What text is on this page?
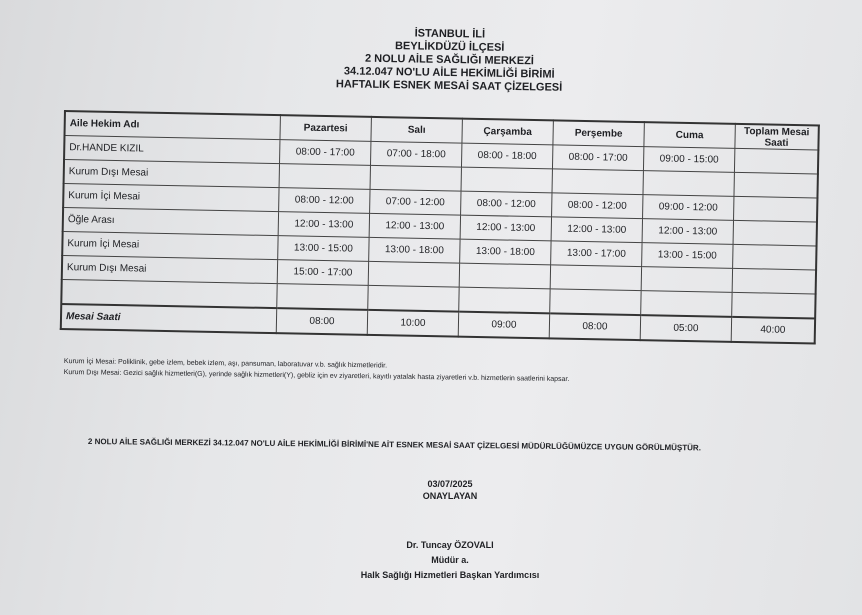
İSTANBUL İLİ
BEYLİKDÜZÜ İLÇESİ
2 NOLU AİLE SAĞLIĞI MERKEZİ
34.12.047 NO'LU AİLE HEKİMLİĞİ BİRİMİ
HAFTALIK ESNEK MESAİ SAAT ÇİZELGESİ
Aile Hekim Adı	Pazartesi	Salı	Çarşamba	Perşembe	Cuma	Toplam Mesai Saati
Dr.HANDE KIZIL	08:00 - 17:00	07:00 - 18:00	08:00 - 18:00	08:00 - 17:00	09:00 - 15:00	
Kurum Dışı Mesai						
Kurum İçi Mesai	08:00 - 12:00	07:00 - 12:00	08:00 - 12:00	08:00 - 12:00	09:00 - 12:00	
Öğle Arası	12:00 - 13:00	12:00 - 13:00	12:00 - 13:00	12:00 - 13:00	12:00 - 13:00	
Kurum İçi Mesai	13:00 - 15:00	13:00 - 18:00	13:00 - 18:00	13:00 - 17:00	13:00 - 15:00	
Kurum Dışı Mesai	15:00 - 17:00					

Mesai Saati	08:00	10:00	09:00	08:00	05:00	40:00
Kurum İçi Mesai: Poliklinik, gebe izlem, bebek izlem, aşı, pansuman, laboratuvar v.b. sağlık hizmetleridir.
Kurum Dışı Mesai: Gezici sağlık hizmetleri(G), yerinde sağlık hizmetleri(Y), gebliz için ev ziyaretleri, kayıtlı yatalak hasta ziyaretleri v.b. hizmetlerin saatlerini kapsar.
2 NOLU AİLE SAĞLIĞI MERKEZİ 34.12.047 NO'LU AİLE HEKİMLİĞİ BİRİMİ'NE AİT ESNEK MESAİ SAAT ÇİZELGESİ MÜDÜRLÜĞÜMÜZCE UYGUN GÖRÜLMÜŞTÜR.
03/07/2025
ONAYLAYAN
Dr. Tuncay ÖZOVALI
Müdür a.
Halk Sağlığı Hizmetleri Başkan Yardımcısı
